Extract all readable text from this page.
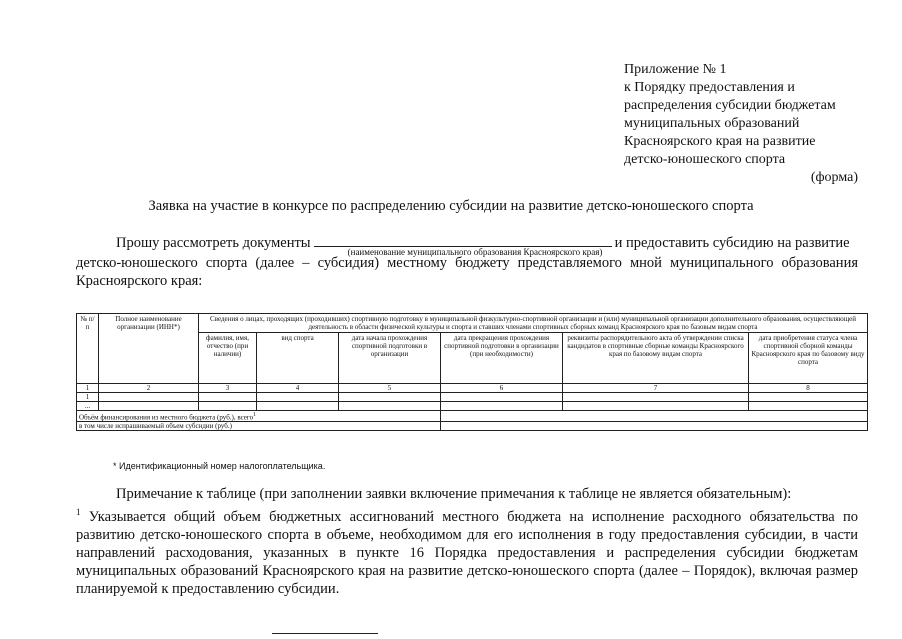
Приложение № 1
к Порядку предоставления и
распределения субсидии бюджетам
муниципальных образований
Красноярского края на развитие
детско-юношеского спорта
(форма)
Заявка на участие в конкурсе по распределению субсидии на развитие детско-юношеского спорта
Прошу рассмотреть документы	и предоставить субсидию на развитие
(наименование муниципального образования Красноярского края)
детско-юношеского спорта (далее – субсидия) местному бюджету представляемого мной муниципального образования Красноярского края:
№ п/п	Полное наименование организации (ИНН*)	Сведения о лицах, проходящих (проходивших) спортивную подготовку в муниципальной физкультурно-спортивной организации и (или) муниципальной организации дополнительного образования, осуществляющей деятельность в области физической культуры и спорта и ставших членами спортивных сборных команд Красноярского края по базовым видам спорта					
		фамилия, имя, отчество (при наличии)	вид спорта	дата начала прохождения спортивной подготовки в организации	дата прекращения прохождения спортивной подготовки в организации (при необходимости)	реквизиты распорядительного акта об утверждении списка кандидатов в спортивные сборные команды Красноярского края по базовому видам спорта	дата приобретения статуса члена спортивной сборной команды Красноярского края по базовому виду спорта
1	2	3	4	5	6	7	8
1							
...							
Объём финансирования из местного бюджета (руб.), всего$^1$	
в том числе испрашиваемый объем субсидии (руб.)							
* Идентификационный номер налогоплательщика.
Примечание к таблице (при заполнении заявки включение примечания к таблице не является обязательным):
$^1$ Указывается общий объем бюджетных ассигнований местного бюджета на исполнение расходного обязательства по развитию детско-юношеского спорта в объеме, необходимом для его исполнения в году предоставления субсидии, в части направлений расходования, указанных в пункте 16 Порядка предоставления и распределения субсидии бюджетам муниципальных образований Красноярского края на развитие детско-юношеского спорта (далее – Порядок), включая размер планируемой к предоставлению субсидии.
